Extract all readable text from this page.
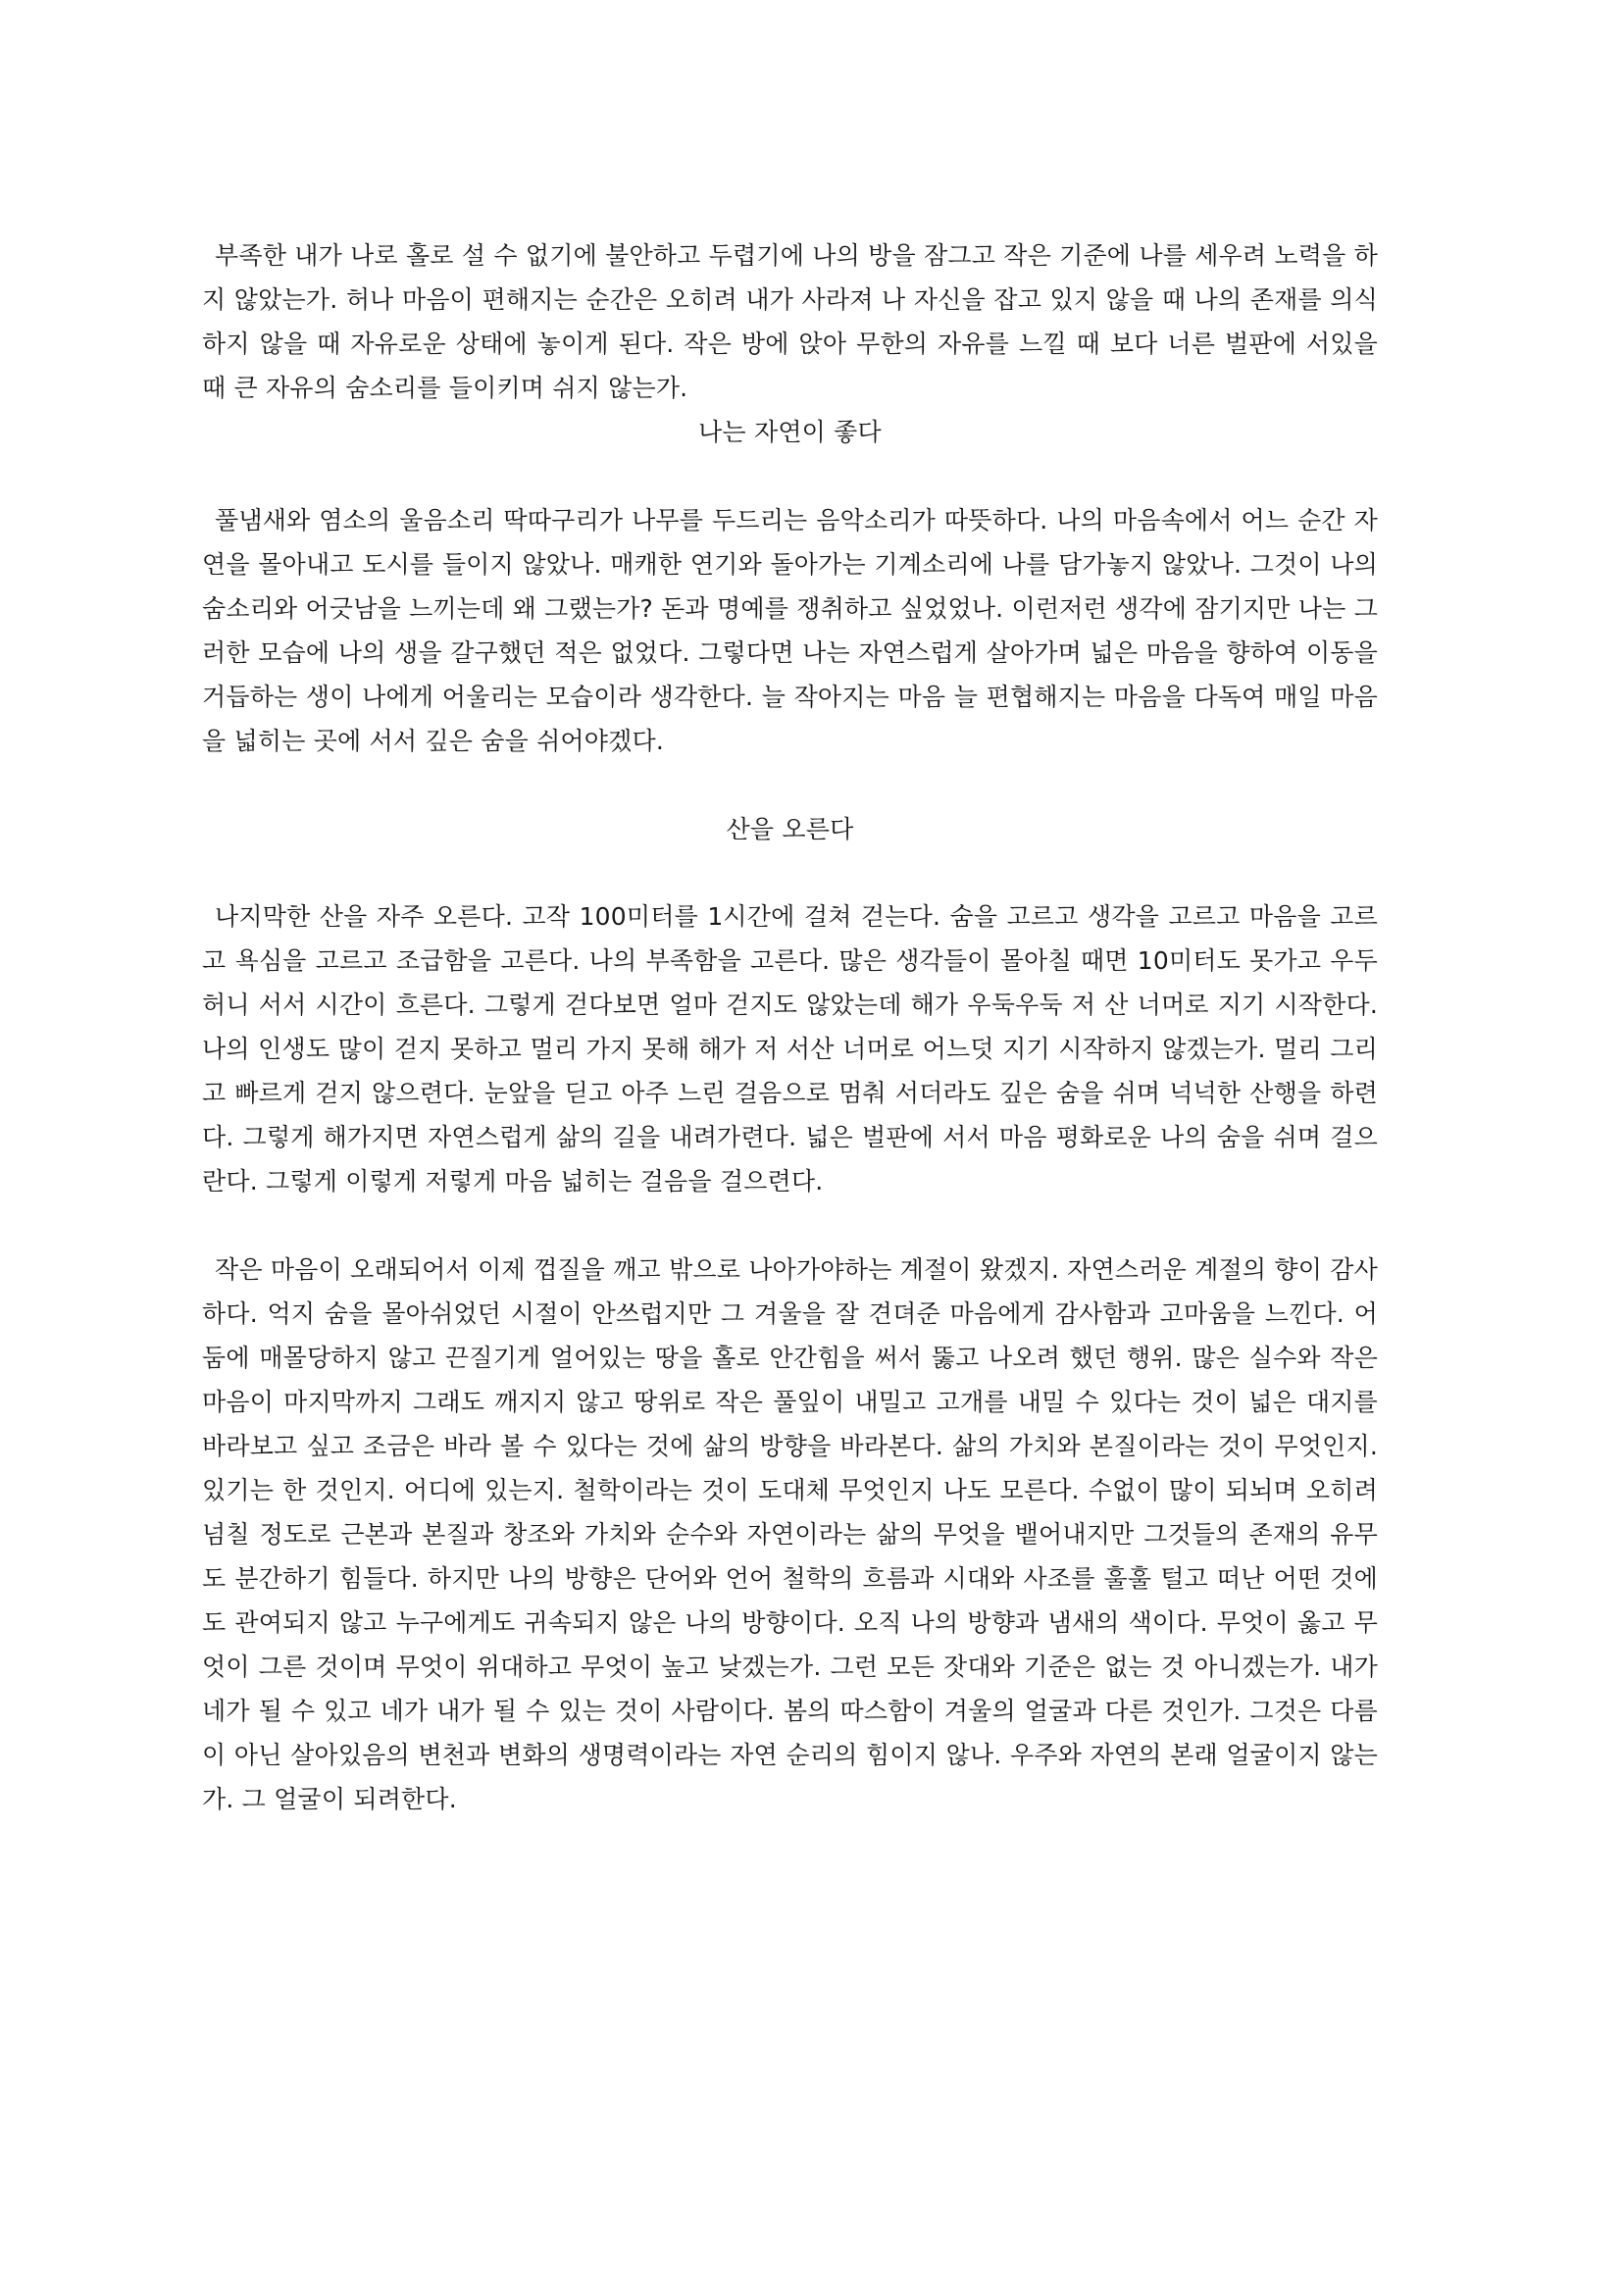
부족한 내가 나로 홀로 설 수 없기에 불안하고 두렵기에 나의 방을 잠그고 작은 기준에 나를 세우려 노력을 하지 않았는가. 허나 마음이 편해지는 순간은 오히려 내가 사라져 나 자신을 잡고 있지 않을 때 나의 존재를 의식하지 않을 때 자유로운 상태에 놓이게 된다. 작은 방에 앉아 무한의 자유를 느낄 때 보다 너른 벌판에 서있을 때 큰 자유의 숨소리를 들이키며 쉬지 않는가.

나는 자연이 좋다

풀냄새와 염소의 울음소리 딱따구리가 나무를 두드리는 음악소리가 따뜻하다. 나의 마음속에서 어느 순간 자연을 몰아내고 도시를 들이지 않았나. 매캐한 연기와 돌아가는 기계소리에 나를 담가놓지 않았나. 그것이 나의 숨소리와 어긋남을 느끼는데 왜 그랬는가? 돈과 명예를 쟁취하고 싶었었나. 이런저런 생각에 잠기지만 나는 그러한 모습에 나의 생을 갈구했던 적은 없었다. 그렇다면 나는 자연스럽게 살아가며 넓은 마음을 향하여 이동을 거듭하는 생이 나에게 어울리는 모습이라 생각한다. 늘 작아지는 마음 늘 편협해지는 마음을 다독여 매일 마음을 넓히는 곳에 서서 깊은 숨을 쉬어야겠다.

산을 오른다

나지막한 산을 자주 오른다. 고작 100미터를 1시간에 걸쳐 걷는다. 숨을 고르고 생각을 고르고 마음을 고르고 욕심을 고르고 조급함을 고른다. 나의 부족함을 고른다. 많은 생각들이 몰아칠 때면 10미터도 못가고 우두 허니 서서 시간이 흐른다. 그렇게 걷다보면 얼마 걷지도 않았는데 해가 우둑우둑 저 산 너머로 지기 시작한다. 나의 인생도 많이 걷지 못하고 멀리 가지 못해 해가 저 서산 너머로 어느덧 지기 시작하지 않겠는가. 멀리 그리고 빠르게 걷지 않으련다. 눈앞을 딛고 아주 느린 걸음으로 멈춰 서더라도 깊은 숨을 쉬며 넉넉한 산행을 하련다. 그렇게 해가지면 자연스럽게 삶의 길을 내려가련다. 넓은 벌판에 서서 마음 평화로운 나의 숨을 쉬며 걸으란다. 그렇게 이렇게 저렇게 마음 넓히는 걸음을 걸으련다.

작은 마음이 오래되어서 이제 껍질을 깨고 밖으로 나아가야하는 계절이 왔겠지. 자연스러운 계절의 향이 감사하다. 억지 숨을 몰아쉬었던 시절이 안쓰럽지만 그 겨울을 잘 견뎌준 마음에게 감사함과 고마움을 느낀다. 어둠에 매몰당하지 않고 끈질기게 얼어있는 땅을 홀로 안간힘을 써서 뚫고 나오려 했던 행위. 많은 실수와 작은 마음이 마지막까지 그래도 깨지지 않고 땅위로 작은 풀잎이 내밀고 고개를 내밀 수 있다는 것이 넓은 대지를 바라보고 싶고 조금은 바라 볼 수 있다는 것에 삶의 방향을 바라본다. 삶의 가치와 본질이라는 것이 무엇인지. 있기는 한 것인지. 어디에 있는지. 철학이라는 것이 도대체 무엇인지 나도 모른다. 수없이 많이 되뇌며 오히려 넘칠 정도로 근본과 본질과 창조와 가치와 순수와 자연이라는 삶의 무엇을 뱉어내지만 그것들의 존재의 유무도 분간하기 힘들다. 하지만 나의 방향은 단어와 언어 철학의 흐름과 시대와 사조를 훌훌 털고 떠난 어떤 것에도 관여되지 않고 누구에게도 귀속되지 않은 나의 방향이다. 오직 나의 방향과 냄새의 색이다. 무엇이 옳고 무엇이 그른 것이며 무엇이 위대하고 무엇이 높고 낮겠는가. 그런 모든 잣대와 기준은 없는 것 아니겠는가. 내가 네가 될 수 있고 네가 내가 될 수 있는 것이 사람이다. 봄의 따스함이 겨울의 얼굴과 다른 것인가. 그것은 다름이 아닌 살아있음의 변천과 변화의 생명력이라는 자연 순리의 힘이지 않나. 우주와 자연의 본래 얼굴이지 않는가. 그 얼굴이 되려한다.
